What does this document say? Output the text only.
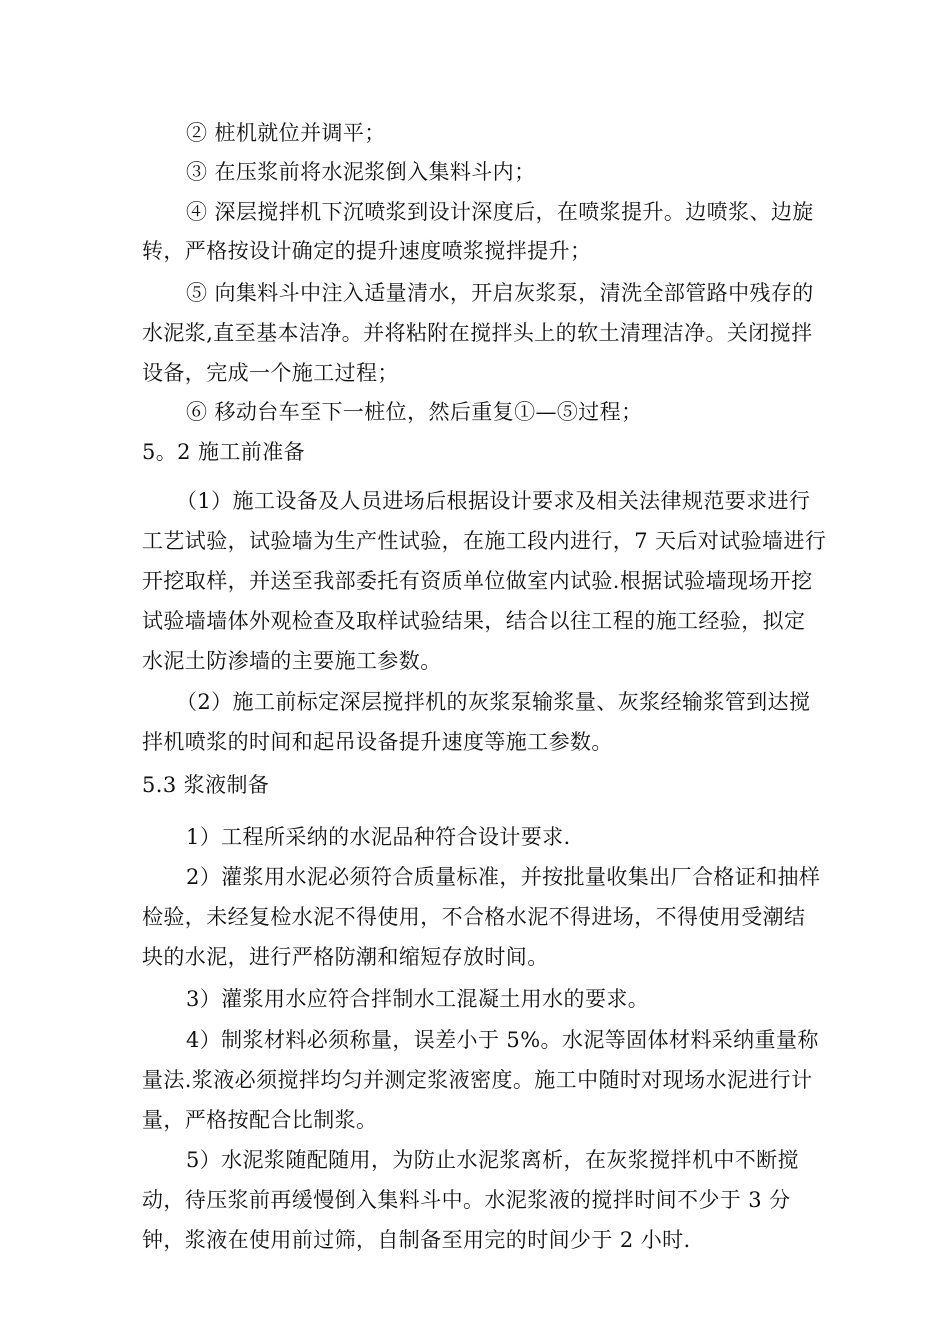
② 桩机就位并调平；
③ 在压浆前将水泥浆倒入集料斗内；
④ 深层搅拌机下沉喷浆到设计深度后，在喷浆提升。边喷浆、边旋
转，严格按设计确定的提升速度喷浆搅拌提升；
⑤ 向集料斗中注入适量清水，开启灰浆泵，清洗全部管路中残存的
水泥浆,直至基本洁净。并将粘附在搅拌头上的软土清理洁净。关闭搅拌
设备，完成一个施工过程；
⑥ 移动台车至下一桩位，然后重复①—⑤过程；
5。2 施工前准备
（1）施工设备及人员进场后根据设计要求及相关法律规范要求进行
工艺试验，试验墙为生产性试验，在施工段内进行，7 天后对试验墙进行
开挖取样，并送至我部委托有资质单位做室内试验.根据试验墙现场开挖
试验墙墙体外观检查及取样试验结果，结合以往工程的施工经验，拟定
水泥土防渗墙的主要施工参数。
（2）施工前标定深层搅拌机的灰浆泵输浆量、灰浆经输浆管到达搅
拌机喷浆的时间和起吊设备提升速度等施工参数。
5.3 浆液制备
1）工程所采纳的水泥品种符合设计要求.
2）灌浆用水泥必须符合质量标准，并按批量收集出厂合格证和抽样
检验，未经复检水泥不得使用，不合格水泥不得进场，不得使用受潮结
块的水泥，进行严格防潮和缩短存放时间。
3）灌浆用水应符合拌制水工混凝土用水的要求。
4）制浆材料必须称量，误差小于 5%。水泥等固体材料采纳重量称
量法.浆液必须搅拌均匀并测定浆液密度。施工中随时对现场水泥进行计
量，严格按配合比制浆。
5）水泥浆随配随用，为防止水泥浆离析，在灰浆搅拌机中不断搅
动，待压浆前再缓慢倒入集料斗中。水泥浆液的搅拌时间不少于 3 分
钟，浆液在使用前过筛，自制备至用完的时间少于 2 小时.
